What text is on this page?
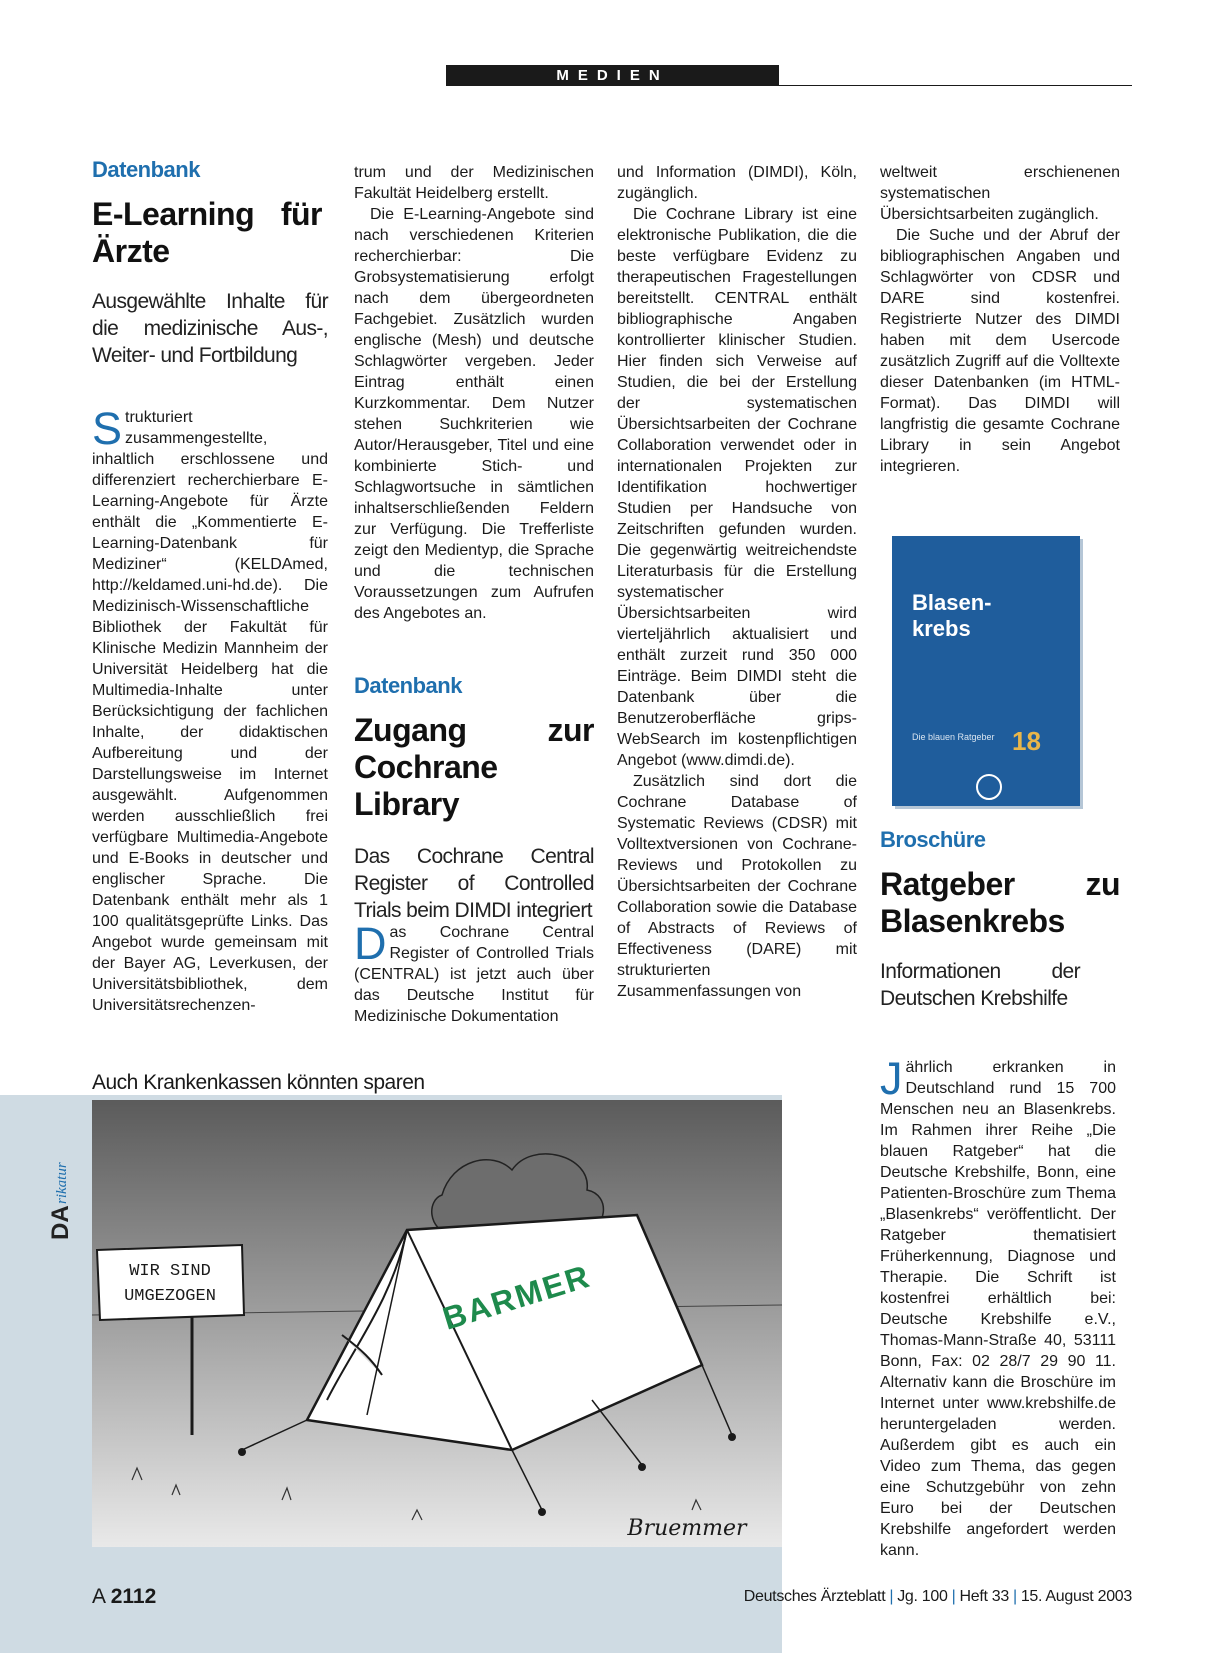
MEDIEN
Datenbank
E-Learning für Ärzte
Ausgewählte Inhalte für die medizinische Aus-, Weiter- und Fortbildung

Strukturiert zusammengestellte, inhaltlich erschlossene und differenziert recherchierbare E-Learning-Angebote für Ärzte enthält die „Kommentierte E-Learning-Datenbank für Mediziner“ (KELDAmed, http://keldamed.uni-hd.de). Die Medizinisch-Wissenschaftliche Bibliothek der Fakultät für Klinische Medizin Mannheim der Universität Heidelberg hat die Multimedia-Inhalte unter Berücksichtigung der fachlichen Inhalte, der didaktischen Aufbereitung und der Darstellungsweise im Internet ausgewählt. Aufgenommen werden ausschließlich frei verfügbare Multimedia-Angebote und E-Books in deutscher und englischer Sprache. Die Datenbank enthält mehr als 1 100 qualitätsgeprüfte Links. Das Angebot wurde gemeinsam mit der Bayer AG, Leverkusen, der Universitätsbibliothek, dem Universitätsrechenzen-

trum und der Medizinischen Fakultät Heidelberg erstellt.

Die E-Learning-Angebote sind nach verschiedenen Kriterien recherchierbar: Die Grobsystematisierung erfolgt nach dem übergeordneten Fachgebiet. Zusätzlich wurden englische (Mesh) und deutsche Schlagwörter vergeben. Jeder Eintrag enthält einen Kurzkommentar. Dem Nutzer stehen Suchkriterien wie Autor/Herausgeber, Titel und eine kombinierte Stich- und Schlagwortsuche in sämtlichen inhaltserschließenden Feldern zur Verfügung. Die Trefferliste zeigt den Medientyp, die Sprache und die technischen Voraussetzungen zum Aufrufen des Angebotes an.

Datenbank
Zugang zur Cochrane Library
Das Cochrane Central Register of Controlled Trials beim DIMDI integriert

Das Cochrane Central Register of Controlled Trials (CENTRAL) ist jetzt auch über das Deutsche Institut für Medizinische Dokumentation

und Information (DIMDI), Köln, zugänglich.

Die Cochrane Library ist eine elektronische Publikation, die die beste verfügbare Evidenz zu therapeutischen Fragestellungen bereitstellt. CENTRAL enthält bibliographische Angaben kontrollierter klinischer Studien. Hier finden sich Verweise auf Studien, die bei der Erstellung der systematischen Übersichtsarbeiten der Cochrane Collaboration verwendet oder in internationalen Projekten zur Identifikation hochwertiger Studien per Handsuche von Zeitschriften gefunden wurden. Die gegenwärtig weitreichendste Literaturbasis für die Erstellung systematischer Übersichtsarbeiten wird vierteljährlich aktualisiert und enthält zurzeit rund 350 000 Einträge. Beim DIMDI steht die Datenbank über die Benutzeroberfläche grips-WebSearch im kostenpflichtigen Angebot (www.dimdi.de).

Zusätzlich sind dort die Cochrane Database of Systematic Reviews (CDSR) mit Volltextversionen von Cochrane-Reviews und Protokollen zu Übersichtsarbeiten der Cochrane Collaboration sowie die Database of Abstracts of Reviews of Effectiveness (DARE) mit strukturierten Zusammenfassungen von

weltweit erschienenen systematischen Übersichtsarbeiten zugänglich.

Die Suche und der Abruf der bibliographischen Angaben und Schlagwörter von CDSR und DARE sind kostenfrei. Registrierte Nutzer des DIMDI haben mit dem Usercode zusätzlich Zugriff auf die Volltexte dieser Datenbanken (im HTML-Format). Das DIMDI will langfristig die gesamte Cochrane Library in sein Angebot integrieren.

Blasen-krebs
Die blauen Ratgeber 18
Broschüre
Ratgeber zu Blasenkrebs
Informationen der Deutschen Krebshilfe

Jährlich erkranken in Deutschland rund 15 700 Menschen neu an Blasenkrebs. Im Rahmen ihrer Reihe „Die blauen Ratgeber“ hat die Deutsche Krebshilfe, Bonn, eine Patienten-Broschüre zum Thema „Blasenkrebs“ veröffentlicht. Der Ratgeber thematisiert Früherkennung, Diagnose und Therapie. Die Schrift ist kostenfrei erhältlich bei: Deutsche Krebshilfe e.V., Thomas-Mann-Straße 40, 53111 Bonn, Fax: 02 28/7 29 90 11. Alternativ kann die Broschüre im Internet unter www.krebshilfe.de heruntergeladen werden. Außerdem gibt es auch ein Video zum Thema, das gegen eine Schutzgebühr von zehn Euro bei der Deutschen Krebshilfe angefordert werden kann.

Auch Krankenkassen könnten sparen
DA
rikatur
BARMER
WIR SIND
UMGEZOGEN
Bruemmer
A 2112	Deutsches Ärzteblatt | Jg. 100 | Heft 33 | 15. August 2003
